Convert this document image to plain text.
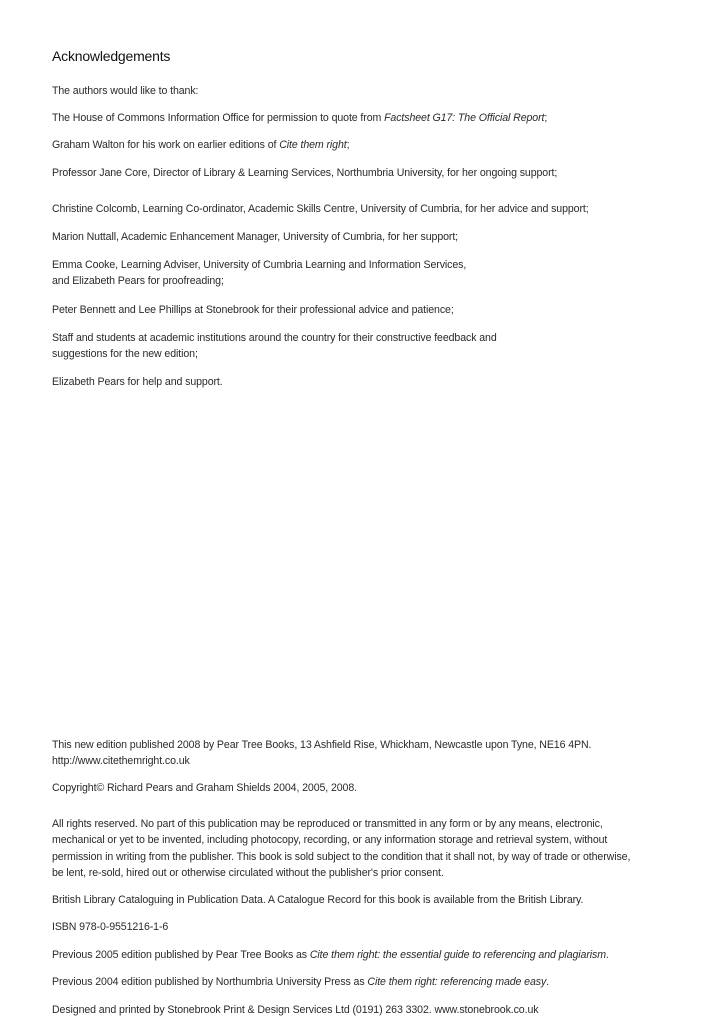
Acknowledgements
The authors would like to thank:
The House of Commons Information Office for permission to quote from Factsheet G17: The Official Report;
Graham Walton for his work on earlier editions of Cite them right;
Professor Jane Core, Director of Library & Learning Services, Northumbria University, for her ongoing support;
Christine Colcomb, Learning Co-ordinator, Academic Skills Centre, University of Cumbria, for her advice and support;
Marion Nuttall, Academic Enhancement Manager, University of Cumbria, for her support;
Emma Cooke, Learning Adviser, University of Cumbria Learning and Information Services,
and Elizabeth Pears for proofreading;
Peter Bennett and Lee Phillips at Stonebrook for their professional advice and patience;
Staff and students at academic institutions around the country for their constructive feedback and
suggestions for the new edition;
Elizabeth Pears for help and support.
This new edition published 2008 by Pear Tree Books, 13 Ashfield Rise, Whickham, Newcastle upon Tyne, NE16 4PN.
http://www.citethemright.co.uk
Copyright© Richard Pears and Graham Shields 2004, 2005, 2008.
All rights reserved. No part of this publication may be reproduced or transmitted in any form or by any means, electronic,
mechanical or yet to be invented, including photocopy, recording, or any information storage and retrieval system, without
permission in writing from the publisher. This book is sold subject to the condition that it shall not, by way of trade or otherwise,
be lent, re-sold, hired out or otherwise circulated without the publisher's prior consent.
British Library Cataloguing in Publication Data. A Catalogue Record for this book is available from the British Library.
ISBN 978-0-9551216-1-6
Previous 2005 edition published by Pear Tree Books as Cite them right: the essential guide to referencing and plagiarism.
Previous 2004 edition published by Northumbria University Press as Cite them right: referencing made easy.
Designed and printed by Stonebrook Print & Design Services Ltd (0191) 263 3302. www.stonebrook.co.uk
